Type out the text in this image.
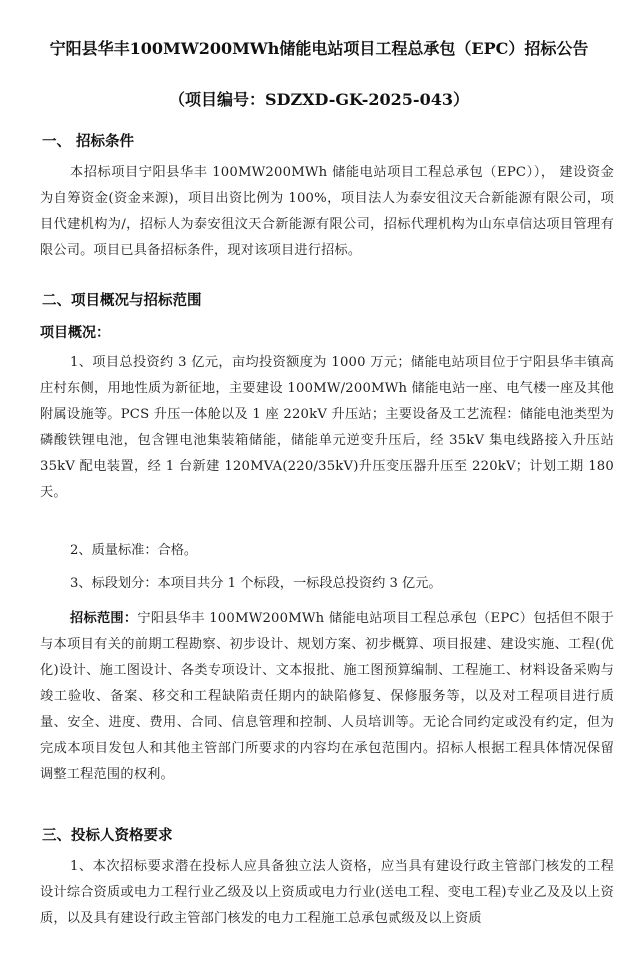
宁阳县华丰100MW200MWh储能电站项目工程总承包（EPC）招标公告
（项目编号：SDZXD-GK-2025-043）
一、 招标条件

本招标项目宁阳县华丰 100MW200MWh 储能电站项目工程总承包（EPC））， 建设资金为自筹资金(资金来源)，项目出资比例为 100%，项目法人为泰安徂汶天合新能源有限公司，项目代建机构为/，招标人为泰安徂汶天合新能源有限公司，招标代理机构为山东卓信达项目管理有限公司。项目已具备招标条件，现对该项目进行招标。

二、项目概况与招标范围
项目概况：

1、项目总投资约 3 亿元，亩均投资额度为 1000 万元；储能电站项目位于宁阳县华丰镇高庄村东侧，用地性质为新征地，主要建设 100MW/200MWh 储能电站一座、电气楼一座及其他附属设施等。PCS 升压一体舱以及 1 座 220kV 升压站；主要设备及工艺流程：储能电池类型为磷酸铁锂电池，包含锂电池集装箱储能，储能单元逆变升压后，经 35kV 集电线路接入升压站 35kV 配电装置，经 1 台新建 120MVA(220/35kV)升压变压器升压至 220kV；计划工期 180 天。

2、质量标准：合格。

3、标段划分：本项目共分 1 个标段，一标段总投资约 3 亿元。

招标范围：宁阳县华丰 100MW200MWh 储能电站项目工程总承包（EPC）包括但不限于与本项目有关的前期工程勘察、初步设计、规划方案、初步概算、项目报建、建设实施、工程(优化)设计、施工图设计、各类专项设计、文本报批、施工图预算编制、工程施工、材料设备采购与竣工验收、备案、移交和工程缺陷责任期内的缺陷修复、保修服务等，以及对工程项目进行质量、安全、进度、费用、合同、信息管理和控制、人员培训等。无论合同约定或没有约定，但为完成本项目发包人和其他主管部门所要求的内容均在承包范围内。招标人根据工程具体情况保留调整工程范围的权利。

三、投标人资格要求

1、本次招标要求潜在投标人应具备独立法人资格，应当具有建设行政主管部门核发的工程设计综合资质或电力工程行业乙级及以上资质或电力行业(送电工程、变电工程)专业乙及及以上资质，以及具有建设行政主管部门核发的电力工程施工总承包贰级及以上资质
